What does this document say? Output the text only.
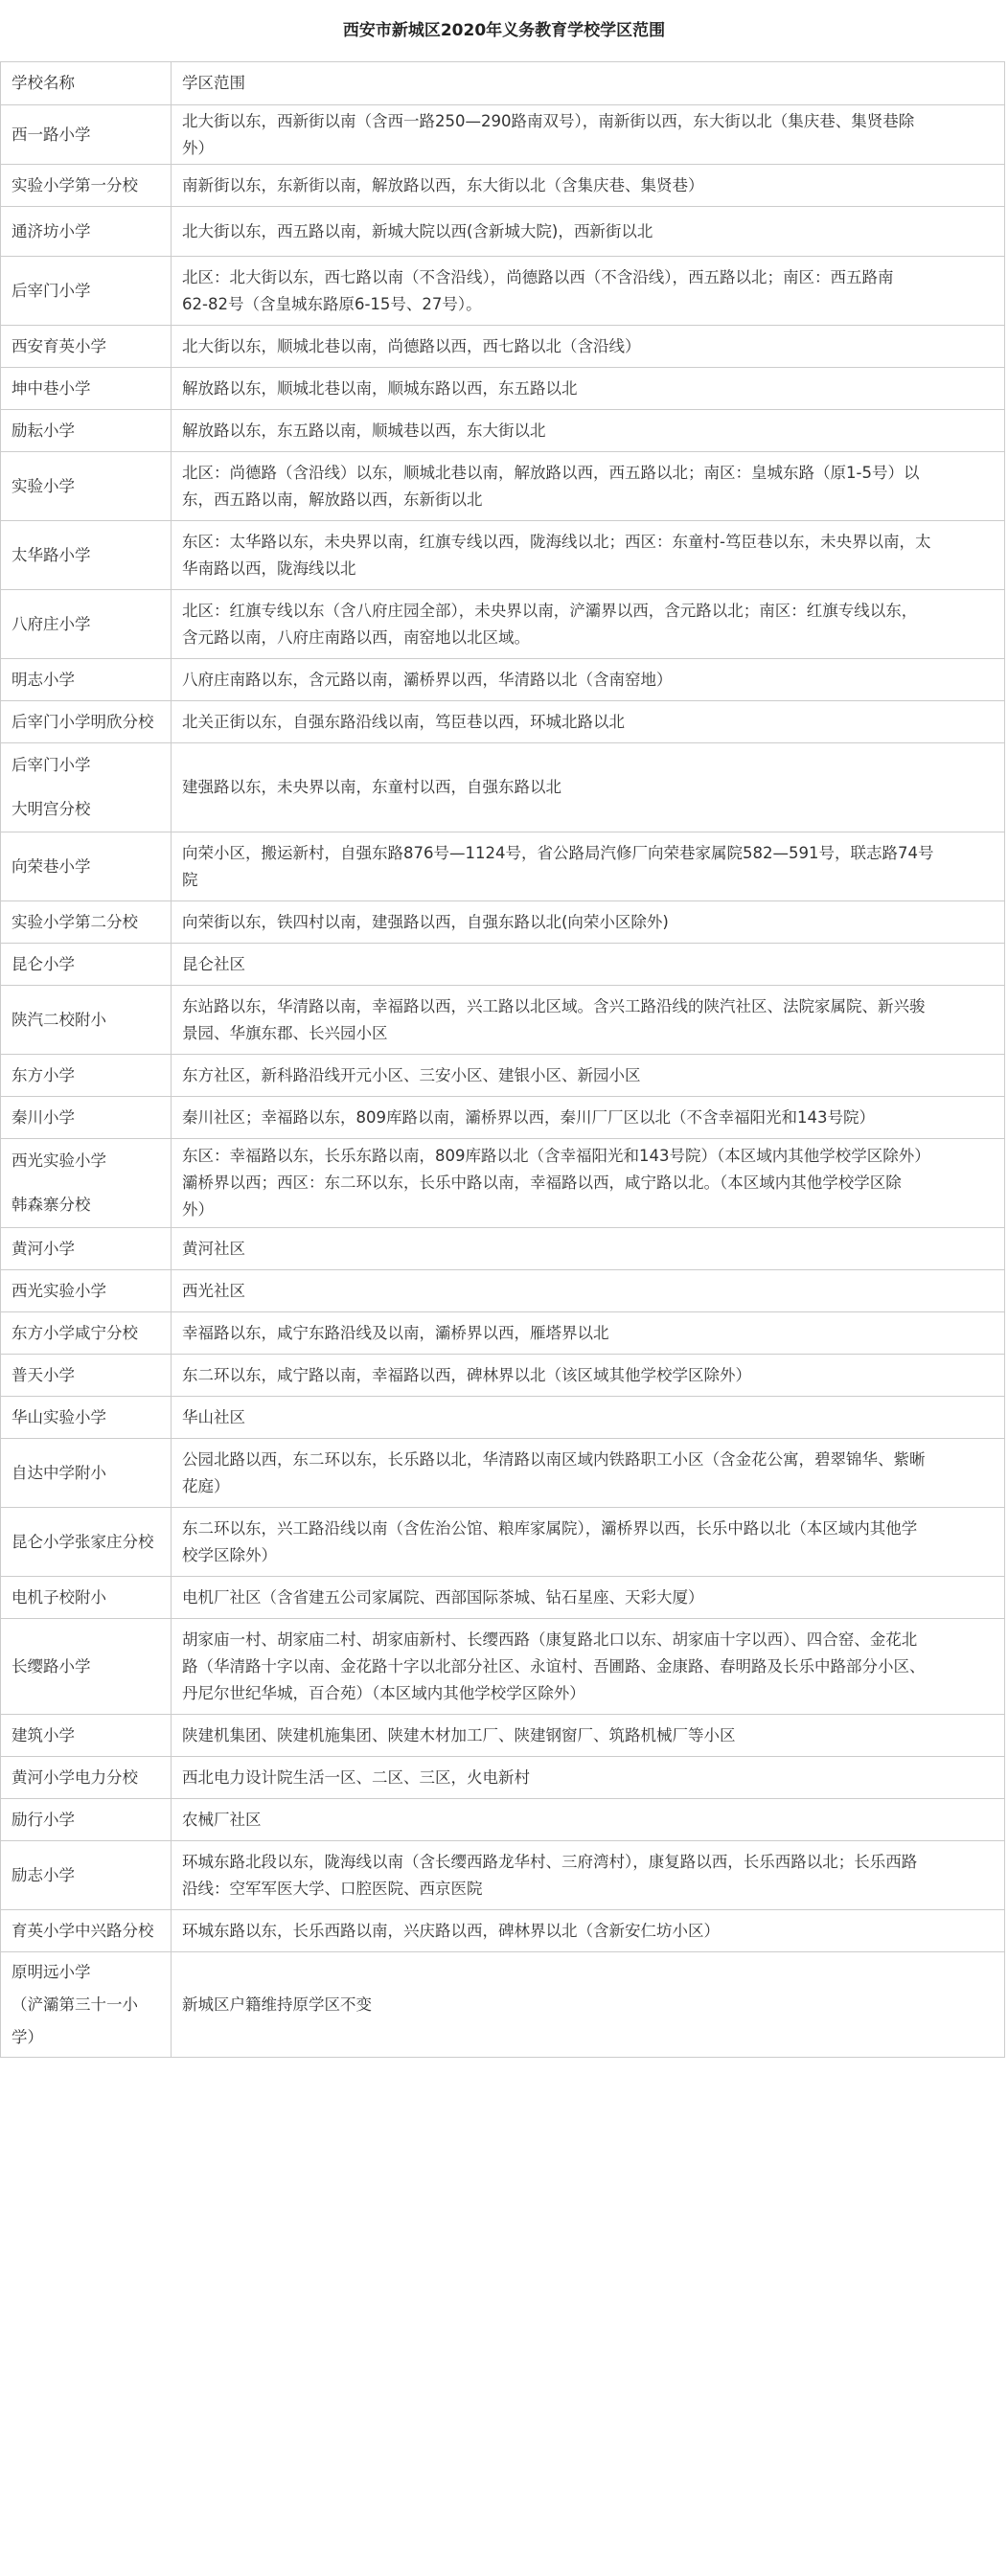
西安市新城区2020年义务教育学校学区范围
学校名称	学区范围

西一路小学	北大街以东，西新街以南（含西一路250—290路南双号），南新街以西，东大街以北（集庆巷、集贤巷除
外）

实验小学第一分校	南新街以东，东新街以南，解放路以西，东大街以北（含集庆巷、集贤巷）

通济坊小学	北大街以东，西五路以南，新城大院以西(含新城大院)，西新街以北

后宰门小学	北区：北大街以东，西七路以南（不含沿线），尚德路以西（不含沿线），西五路以北；南区：西五路南
62-82号（含皇城东路原6-15号、27号）。

西安育英小学	北大街以东，顺城北巷以南，尚德路以西，西七路以北（含沿线）

坤中巷小学	解放路以东，顺城北巷以南，顺城东路以西，东五路以北

励耘小学	解放路以东，东五路以南，顺城巷以西，东大街以北

实验小学	北区：尚德路（含沿线）以东，顺城北巷以南，解放路以西，西五路以北；南区：皇城东路（原1-5号）以
东，西五路以南，解放路以西，东新街以北

太华路小学	东区：太华路以东，未央界以南，红旗专线以西，陇海线以北；西区：东童村-笃臣巷以东，未央界以南，太
华南路以西，陇海线以北

八府庄小学	北区：红旗专线以东（含八府庄园全部），未央界以南，浐灞界以西，含元路以北；南区：红旗专线以东，
含元路以南，八府庄南路以西，南窑地以北区域。

明志小学	八府庄南路以东，含元路以南，灞桥界以西，华清路以北（含南窑地）

后宰门小学明欣分校	北关正街以东，自强东路沿线以南，笃臣巷以西，环城北路以北

后宰门小学
大明宫分校	建强路以东，未央界以南，东童村以西，自强东路以北

向荣巷小学	向荣小区，搬运新村，自强东路876号—1124号，省公路局汽修厂向荣巷家属院582—591号，联志路74号
院

实验小学第二分校	向荣街以东，铁四村以南，建强路以西，自强东路以北(向荣小区除外)

昆仑小学	昆仑社区

陕汽二校附小	东站路以东，华清路以南，幸福路以西，兴工路以北区域。含兴工路沿线的陕汽社区、法院家属院、新兴骏
景园、华旗东郡、长兴园小区

东方小学	东方社区，新科路沿线开元小区、三安小区、建银小区、新园小区

秦川小学	秦川社区；幸福路以东，809库路以南，灞桥界以西，秦川厂厂区以北（不含幸福阳光和143号院）

西光实验小学
韩森寨分校	东区：幸福路以东，长乐东路以南，809库路以北（含幸福阳光和143号院）（本区域内其他学校学区除外）
灞桥界以西；西区：东二环以东，长乐中路以南，幸福路以西，咸宁路以北。（本区域内其他学校学区除
外）

黄河小学	黄河社区

西光实验小学	西光社区

东方小学咸宁分校	幸福路以东，咸宁东路沿线及以南，灞桥界以西，雁塔界以北

普天小学	东二环以东，咸宁路以南，幸福路以西，碑林界以北（该区域其他学校学区除外）

华山实验小学	华山社区

自达中学附小	公园北路以西，东二环以东，长乐路以北，华清路以南区域内铁路职工小区（含金花公寓，碧翠锦华、紫晰
花庭）

昆仑小学张家庄分校	东二环以东，兴工路沿线以南（含佐治公馆、粮库家属院），灞桥界以西，长乐中路以北（本区域内其他学
校学区除外）

电机子校附小	电机厂社区（含省建五公司家属院、西部国际茶城、钻石星座、天彩大厦）

长缨路小学	胡家庙一村、胡家庙二村、胡家庙新村、长缨西路（康复路北口以东、胡家庙十字以西）、四合窑、金花北
路（华清路十字以南、金花路十字以北部分社区、永谊村、吾圃路、金康路、春明路及长乐中路部分小区、
丹尼尔世纪华城，百合苑）（本区域内其他学校学区除外）

建筑小学	陕建机集团、陕建机施集团、陕建木材加工厂、陕建钢窗厂、筑路机械厂等小区

黄河小学电力分校	西北电力设计院生活一区、二区、三区，火电新村

励行小学	农械厂社区

励志小学	环城东路北段以东，陇海线以南（含长缨西路龙华村、三府湾村），康复路以西，长乐西路以北；长乐西路
沿线：空军军医大学、口腔医院、西京医院

育英小学中兴路分校	环城东路以东，长乐西路以南，兴庆路以西，碑林界以北（含新安仁坊小区）

原明远小学
（浐灞第三十一小
学）	新城区户籍维持原学区不变
